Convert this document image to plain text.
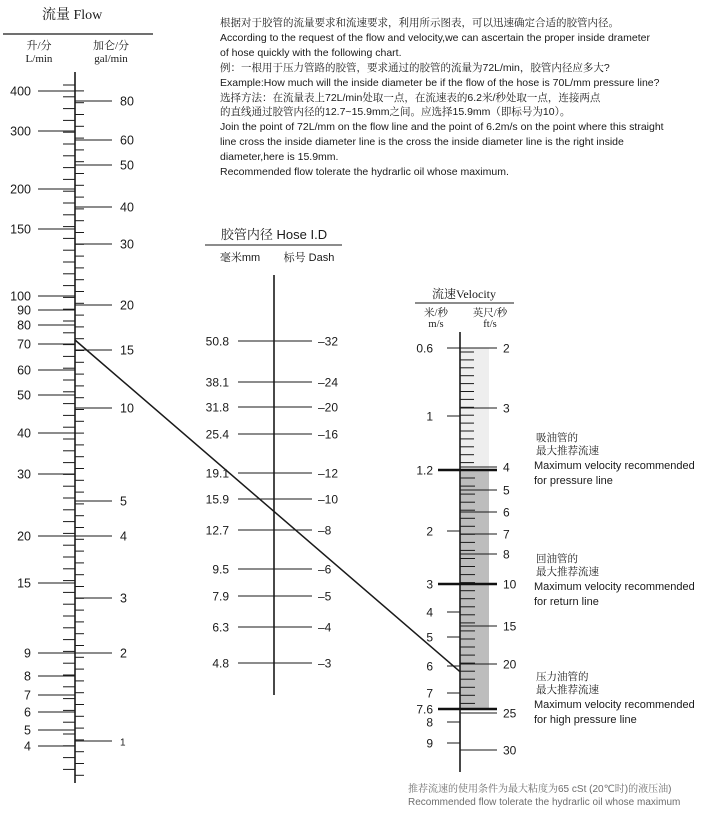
流量 Flow
升/分
L/min
加仑/分
gal/min
400
300
200
150
100
90
80
70
60
50
40
30
20
15
9
8
7
6
5
4
80
60
50
40
30
20
15
10
5
4
3
2
1
胶管内径 Hose I.D
毫米mm 标号 Dash
50.8	–32
38.1	–24
31.8	–20
25.4	–16
19.1	–12
15.9	–10
12.7	–8
9.5	–6
7.9	–5
6.3	–4
4.8	–3
流速Velocity
米/秒
m/s
英尺/秒
ft/s
0.6
1
1.2
2
3
4
5
6
7
7.6
8
9
2
3
4
5
6
7
8
10
15
20
25
30
吸油管的
最大推荐流速
Maximum velocity recommended
for pressure line
回油管的
最大推荐流速
Maximum velocity recommended
for return line
压力油管的
最大推荐流速
Maximum velocity recommended
for high pressure line
根据对于胶管的流量要求和流速要求，利用所示图表，可以迅速确定合适的胶管内径。
According to the request of the flow and velocity,we can ascertain the proper inside drameter
of hose quickly with the following chart.
例：一根用于压力管路的胶管，要求通过的胶管的流量为72L/min，胶管内径应多大?
Example:How much will the inside diameter be if the flow of the hose is 70L/mm pressure line?
选择方法：在流量表上72L/min处取一点，在流速表的6.2米/秒处取一点，连接两点
的直线通过胶管内径的12.7~15.9mm之间。应选择15.9mm（即标号为10）。
Join the point of 72L/mm on the flow line and the point of 6.2m/s on the point where this straight
line cross the inside diameter line is the cross the inside diameter line is the right inside
diameter,here is 15.9mm.
Recommended flow tolerate the hydrarlic oil whose maximum.
推荐流速的使用条件为最大粘度为65 cSt (20℃时)的液压油)
Recommended flow tolerate the hydrarlic oil whose maximum
